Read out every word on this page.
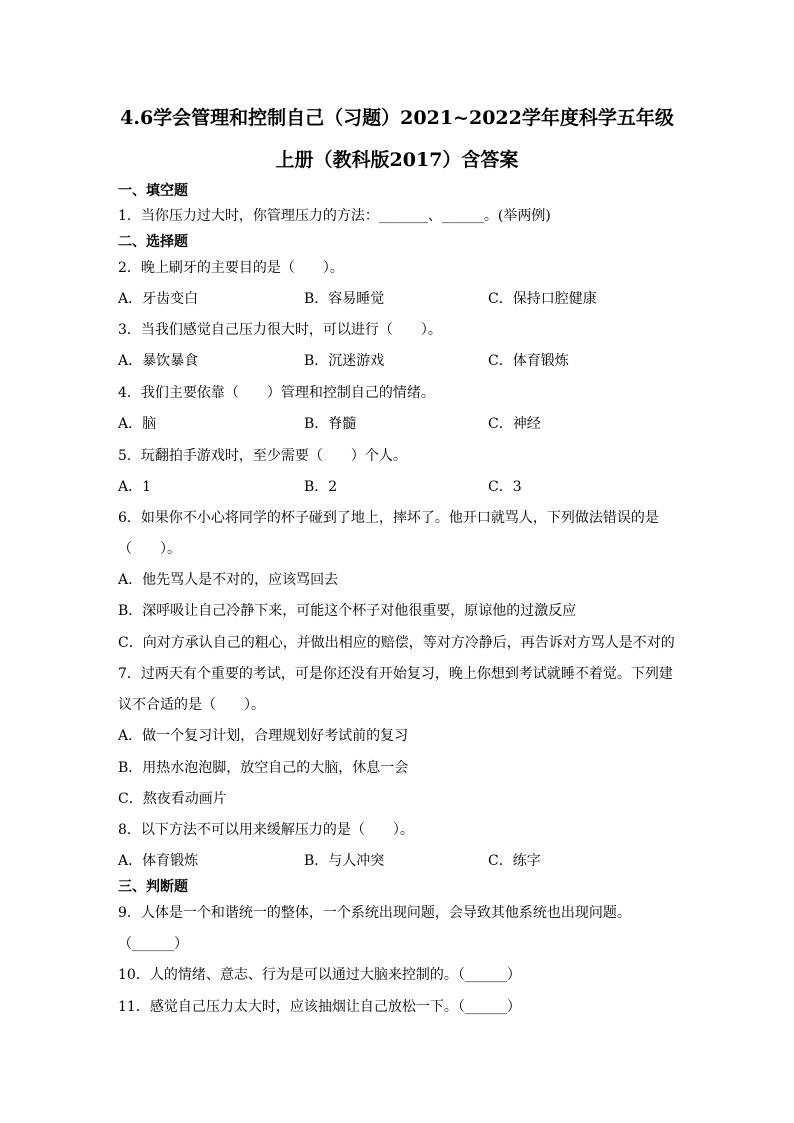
4.6学会管理和控制自己（习题）2021~2022学年度科学五年级
上册（教科版2017）含答案
一、填空题
1．当你压力过大时，你管理压力的方法：_______、______。(举两例)
二、选择题
2．晚上刷牙的主要目的是（　　）。
A．牙齿变白	B．容易睡觉	C．保持口腔健康
3．当我们感觉自己压力很大时，可以进行（　　）。
A．暴饮暴食	B．沉迷游戏	C．体育锻炼
4．我们主要依靠（　　）管理和控制自己的情绪。
A．脑	B．脊髓	C．神经
5．玩翻拍手游戏时，至少需要（　　）个人。
A．1	B．2	C．3
6．如果你不小心将同学的杯子碰到了地上，摔坏了。他开口就骂人，下列做法错误的是
（　　）。
A．他先骂人是不对的，应该骂回去
B．深呼吸让自己冷静下来，可能这个杯子对他很重要，原谅他的过激反应
C．向对方承认自己的粗心，并做出相应的赔偿，等对方冷静后，再告诉对方骂人是不对的
7．过两天有个重要的考试，可是你还没有开始复习，晚上你想到考试就睡不着觉。下列建
议不合适的是（　　）。
A．做一个复习计划，合理规划好考试前的复习
B．用热水泡泡脚，放空自己的大脑，休息一会
C．熬夜看动画片
8．以下方法不可以用来缓解压力的是（　　）。
A．体育锻炼	B．与人冲突	C．练字
三、判断题
9．人体是一个和谐统一的整体，一个系统出现问题，会导致其他系统也出现问题。
（______）
10．人的情绪、意志、行为是可以通过大脑来控制的。（______）
11．感觉自己压力太大时，应该抽烟让自己放松一下。（______）
